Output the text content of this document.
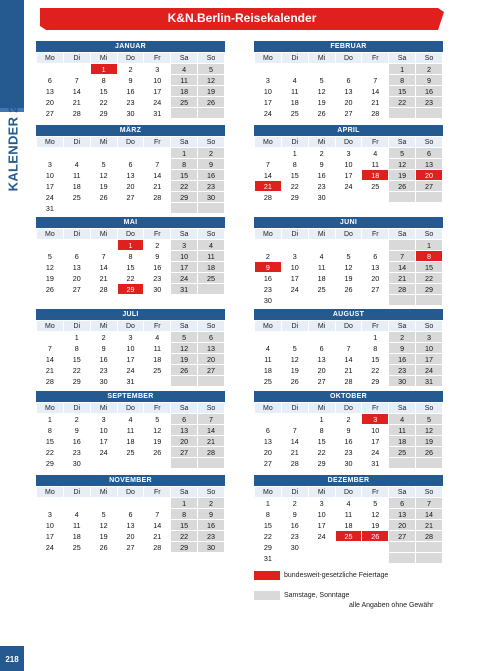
KALENDER 2025
K&N.Berlin-Reisekalender
JANUAR
Mo	Di	Mi	Do	Fr	Sa	So
		1	2	3	4	5
6	7	8	9	10	11	12
13	14	15	16	17	18	19
20	21	22	23	24	25	26
27	28	29	30	31		
FEBRUAR
Mo	Di	Mi	Do	Fr	Sa	So
					1	2
3	4	5	6	7	8	9
10	11	12	13	14	15	16
17	18	19	20	21	22	23
24	25	26	27	28		
MÄRZ
Mo	Di	Mi	Do	Fr	Sa	So
					1	2
3	4	5	6	7	8	9
10	11	12	13	14	15	16
17	18	19	20	21	22	23
24	25	26	27	28	29	30
31						
APRIL
Mo	Di	Mi	Do	Fr	Sa	So
	1	2	3	4	5	6
7	8	9	10	11	12	13
14	15	16	17	18	19	20
21	22	23	24	25	26	27
28	29	30				
MAI
Mo	Di	Mi	Do	Fr	Sa	So
			1	2	3	4
5	6	7	8	9	10	11
12	13	14	15	16	17	18
19	20	21	22	23	24	25
26	27	28	29	30	31	
JUNI
Mo	Di	Mi	Do	Fr	Sa	So
						1
2	3	4	5	6	7	8
9	10	11	12	13	14	15
16	17	18	19	20	21	22
23	24	25	26	27	28	29
30						
JULI
Mo	Di	Mi	Do	Fr	Sa	So
	1	2	3	4	5	6
7	8	9	10	11	12	13
14	15	16	17	18	19	20
21	22	23	24	25	26	27
28	29	30	31			
AUGUST
Mo	Di	Mi	Do	Fr	Sa	So
				1	2	3
4	5	6	7	8	9	10
11	12	13	14	15	16	17
18	19	20	21	22	23	24
25	26	27	28	29	30	31
SEPTEMBER
Mo	Di	Mi	Do	Fr	Sa	So
1	2	3	4	5	6	7
8	9	10	11	12	13	14
15	16	17	18	19	20	21
22	23	24	25	26	27	28
29	30					
OKTOBER
Mo	Di	Mi	Do	Fr	Sa	So
		1	2	3	4	5
6	7	8	9	10	11	12
13	14	15	16	17	18	19
20	21	22	23	24	25	26
27	28	29	30	31		
NOVEMBER
Mo	Di	Mi	Do	Fr	Sa	So
					1	2
3	4	5	6	7	8	9
10	11	12	13	14	15	16
17	18	19	20	21	22	23
24	25	26	27	28	29	30
DEZEMBER
Mo	Di	Mi	Do	Fr	Sa	So
1	2	3	4	5	6	7
8	9	10	11	12	13	14
15	16	17	18	19	20	21
22	23	24	25	26	27	28
29	30					
31						
bundesweit-gesetzliche Feiertage
Samstage, Sonntage
alle Angaben ohne Gewähr
218
